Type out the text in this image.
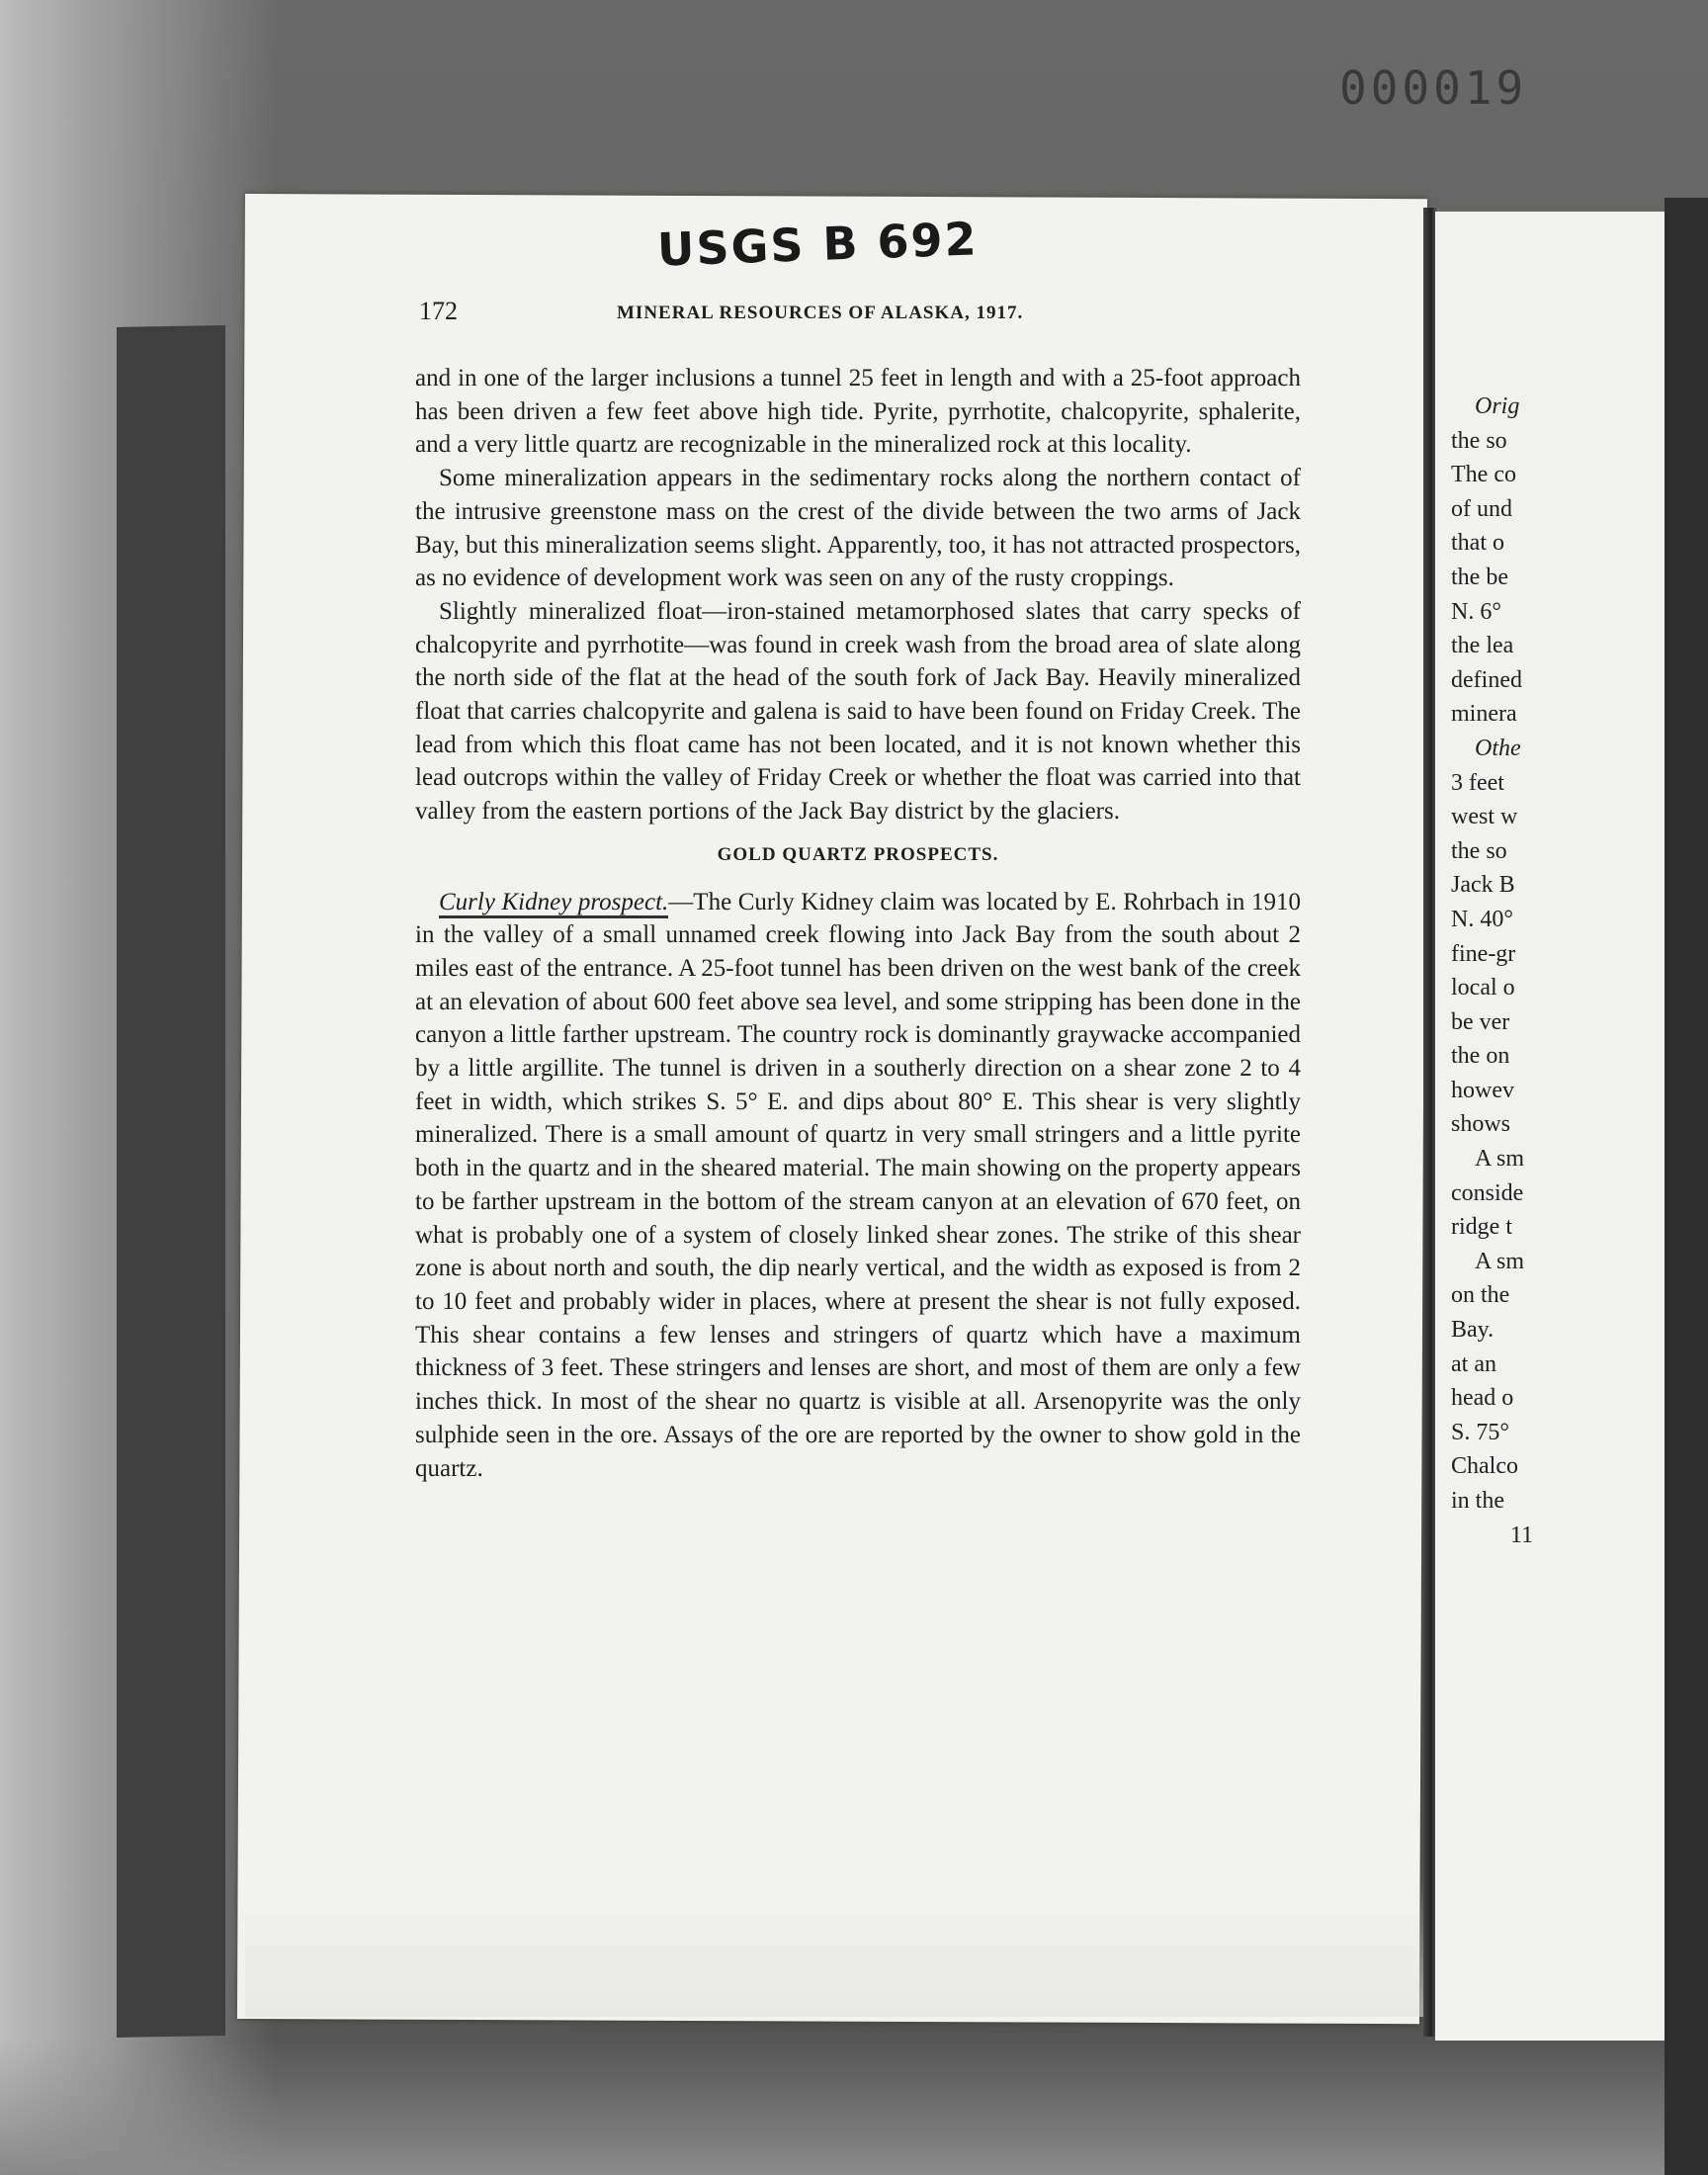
000019
USGS B 692
172	MINERAL RESOURCES OF ALASKA, 1917.

and in one of the larger inclusions a tunnel 25 feet in length and with a 25-foot approach has been driven a few feet above high tide. Pyrite, pyrrhotite, chalcopyrite, sphalerite, and a very little quartz are recognizable in the mineralized rock at this locality.

Some mineralization appears in the sedimentary rocks along the northern contact of the intrusive greenstone mass on the crest of the divide between the two arms of Jack Bay, but this mineralization seems slight. Apparently, too, it has not attracted prospectors, as no evidence of development work was seen on any of the rusty croppings.

Slightly mineralized float—iron-stained metamorphosed slates that carry specks of chalcopyrite and pyrrhotite—was found in creek wash from the broad area of slate along the north side of the flat at the head of the south fork of Jack Bay. Heavily mineralized float that carries chalcopyrite and galena is said to have been found on Friday Creek. The lead from which this float came has not been located, and it is not known whether this lead outcrops within the valley of Friday Creek or whether the float was carried into that valley from the eastern portions of the Jack Bay district by the glaciers.

GOLD QUARTZ PROSPECTS.

Curly Kidney prospect.—The Curly Kidney claim was located by E. Rohrbach in 1910 in the valley of a small unnamed creek flowing into Jack Bay from the south about 2 miles east of the entrance. A 25-foot tunnel has been driven on the west bank of the creek at an elevation of about 600 feet above sea level, and some stripping has been done in the canyon a little farther upstream. The country rock is dominantly graywacke accompanied by a little argillite. The tunnel is driven in a southerly direction on a shear zone 2 to 4 feet in width, which strikes S. 5° E. and dips about 80° E. This shear is very slightly mineralized. There is a small amount of quartz in very small stringers and a little pyrite both in the quartz and in the sheared material. The main showing on the property appears to be farther upstream in the bottom of the stream canyon at an elevation of 670 feet, on what is probably one of a system of closely linked shear zones. The strike of this shear zone is about north and south, the dip nearly vertical, and the width as exposed is from 2 to 10 feet and probably wider in places, where at present the shear is not fully exposed. This shear contains a few lenses and stringers of quartz which have a maximum thickness of 3 feet. These stringers and lenses are short, and most of them are only a few inches thick. In most of the shear no quartz is visible at all. Arsenopyrite was the only sulphide seen in the ore. Assays of the ore are reported by the owner to show gold in the quartz.

Orig
the so
The co
of und
that o
the be
N. 6°
the lea
defined
minera
Othe
3 feet
west w
the so
Jack B
N. 40°
fine-gr
local o
be ver
the on
howev
shows
A sm
conside
ridge t
A sm
on the
Bay.
at an
head o
S. 75°
Chalco
in the
11
